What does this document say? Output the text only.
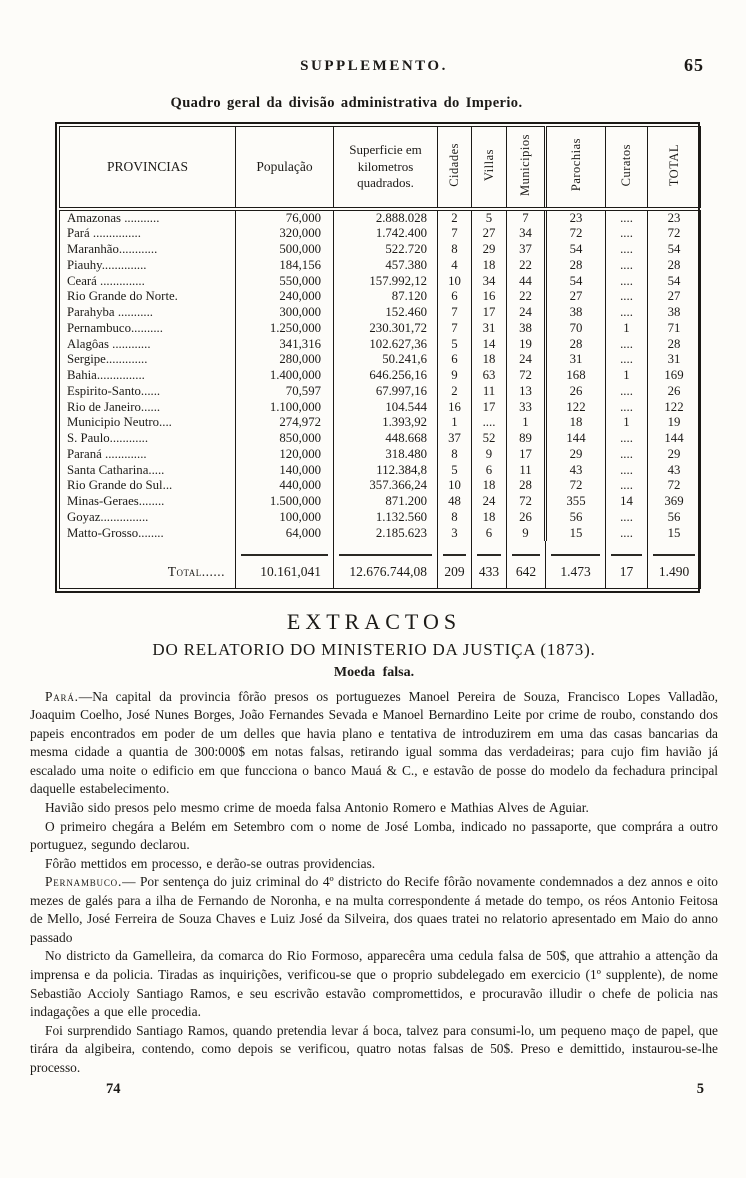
SUPPLEMENTO.	65
Quadro geral da divisão administrativa do Imperio.
PROVINCIAS	População	Superficie em kilometros quadrados.	Cidades	Villas	Municipios	Parochias	Curatos	TOTAL
Amazonas ...........	76,000	2.888.028	2	5	7	23	....	23
Pará ...............	320,000	1.742.400	7	27	34	72	....	72
Maranhão............	500,000	522.720	8	29	37	54	....	54
Piauhy..............	184,156	457.380	4	18	22	28	....	28
Ceará ..............	550,000	157.992,12	10	34	44	54	....	54
Rio Grande do Norte.	240,000	87.120	6	16	22	27	....	27
Parahyba ...........	300,000	152.460	7	17	24	38	....	38
Pernambuco..........	1.250,000	230.301,72	7	31	38	70	1	71
Alagôas ............	341,316	102.627,36	5	14	19	28	....	28
Sergipe.............	280,000	50.241,6	6	18	24	31	....	31
Bahia...............	1.400,000	646.256,16	9	63	72	168	1	169
Espirito-Santo......	70,597	67.997,16	2	11	13	26	....	26
Rio de Janeiro......	1.100,000	104.544	16	17	33	122	....	122
Municipio Neutro....	274,972	1.393,92	1	....	1	18	1	19
S. Paulo............	850,000	448.668	37	52	89	144	....	144
Paraná .............	120,000	318.480	8	9	17	29	....	29
Santa Catharina.....	140,000	112.384,8	5	6	11	43	....	43
Rio Grande do Sul...	440,000	357.366,24	10	18	28	72	....	72
Minas-Geraes........	1.500,000	871.200	48	24	72	355	14	369
Goyaz...............	100,000	1.132.560	8	18	26	56	....	56
Matto-Grosso........	64,000	2.185.623	3	6	9	15	....	15

Total......	10.161,041	12.676.744,08	209	433	642	1.473	17	1.490
EXTRACTOS
DO RELATORIO DO MINISTERIO DA JUSTIÇA (1873).
Moeda falsa.

Pará.—Na capital da provincia fôrão presos os portuguezes Manoel Pereira de Souza, Francisco Lopes Valladão, Joaquim Coelho, José Nunes Borges, João Fernandes Sevada e Manoel Bernardino Leite por crime de roubo, constando dos papeis encontrados em poder de um delles que havia plano e tentativa de introduzirem em uma das casas bancarias da mesma cidade a quantia de 300:000$ em notas falsas, retirando igual somma das verdadeiras; para cujo fim havião já escalado uma noite o edificio em que funcciona o banco Mauá & C., e estavão de posse do modelo da fechadura principal daquelle estabelecimento.

Havião sido presos pelo mesmo crime de moeda falsa Antonio Romero e Mathias Alves de Aguiar.

O primeiro chegára a Belém em Setembro com o nome de José Lomba, indicado no passaporte, que comprára a outro portuguez, segundo declarou.

Fôrão mettidos em processo, e derão-se outras providencias.

Pernambuco.— Por sentença do juiz criminal do 4º districto do Recife fôrão novamente condemnados a dez annos e oito mezes de galés para a ilha de Fernando de Noronha, e na multa correspondente á metade do tempo, os réos Antonio Feitosa de Mello, José Ferreira de Souza Chaves e Luiz José da Silveira, dos quaes tratei no relatorio apresentado em Maio do anno passado

No districto da Gamelleira, da comarca do Rio Formoso, apparecêra uma cedula falsa de 50$, que attrahio a attenção da imprensa e da policia. Tiradas as inquirições, verificou-se que o proprio subdelegado em exercicio (1º supplente), de nome Sebastião Accioly Santiago Ramos, e seu escrivão estavão compromettidos, e procuravão illudir o chefe de policia nas indagações a que elle procedia.

Foi surprendido Santiago Ramos, quando pretendia levar á boca, talvez para consumi-lo, um pequeno maço de papel, que tirára da algibeira, contendo, como depois se verificou, quatro notas falsas de 50$. Preso e demittido, instaurou-se-lhe processo.

74	5
